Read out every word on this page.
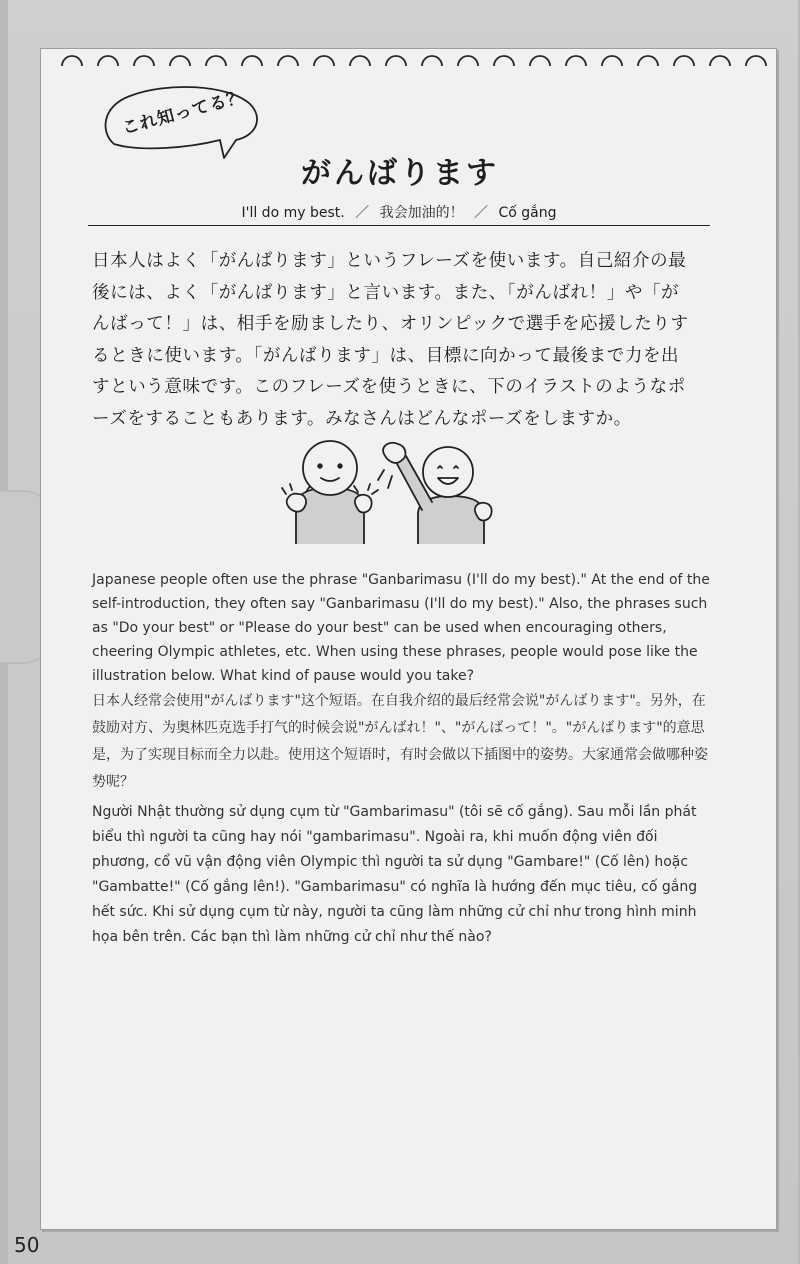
これ知ってる？
がんばります
I'll do my best. ／ 我会加油的！ ／ Cố gắng
日本人はよく「がんばります」というフレーズを使います。自己紹介の最後には、よく「がんばります」と言います。また、「がんばれ！」や「がんばって！」は、相手を励ましたり、オリンピックで選手を応援したりするときに使います。「がんばります」は、目標に向かって最後まで力を出すという意味です。このフレーズを使うときに、下のイラストのようなポーズをすることもあります。みなさんはどんなポーズをしますか。
Japanese people often use the phrase "Ganbarimasu (I'll do my best)." At the end of the self-introduction, they often say "Ganbarimasu (I'll do my best)." Also, the phrases such as "Do your best" or "Please do your best" can be used when encouraging others, cheering Olympic athletes, etc. When using these phrases, people would pose like the illustration below. What kind of pause would you take?
日本人经常会使用"がんばります"这个短语。在自我介绍的最后经常会说"がんばります"。另外，在鼓励对方、为奥林匹克选手打气的时候会说"がんばれ！"、"がんばって！"。"がんばります"的意思是，为了实现目标而全力以赴。使用这个短语时，有时会做以下插图中的姿势。大家通常会做哪种姿势呢？
Người Nhật thường sử dụng cụm từ "Gambarimasu" (tôi sẽ cố gắng). Sau mỗi lần phát biểu thì người ta cũng hay nói "gambarimasu". Ngoài ra, khi muốn động viên đối phương, cổ vũ vận động viên Olympic thì người ta sử dụng "Gambare!" (Cố lên) hoặc "Gambatte!" (Cố gắng lên!). "Gambarimasu" có nghĩa là hướng đến mục tiêu, cố gắng hết sức. Khi sử dụng cụm từ này, người ta cũng làm những cử chỉ như trong hình minh họa bên trên. Các bạn thì làm những cử chỉ như thế nào?
50
